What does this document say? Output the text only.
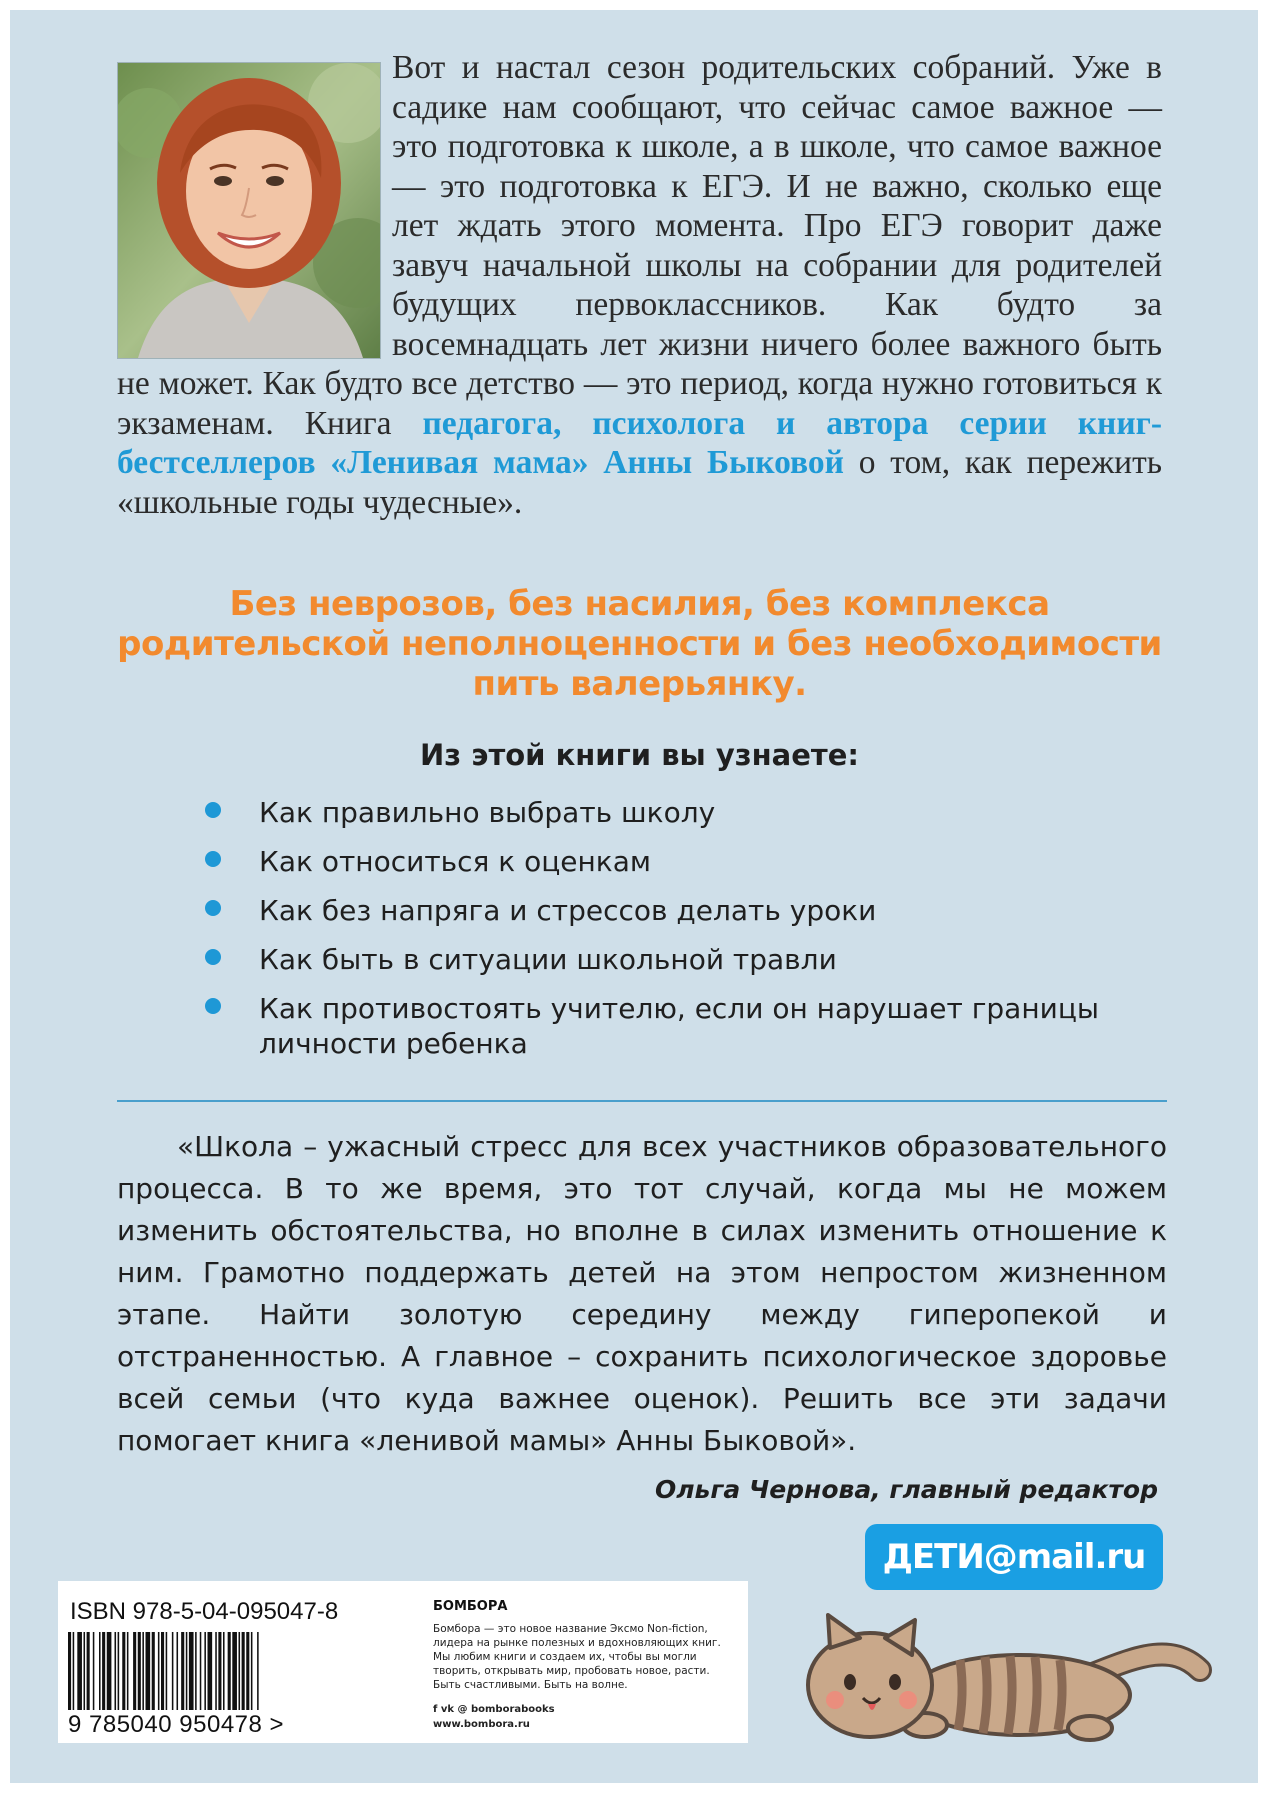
Вот и настал сезон родительских собраний. Уже в садике нам сообщают, что сейчас самое важное — это подготовка к школе, а в школе, что самое важное — это подготовка к ЕГЭ. И не важно, сколько еще лет ждать этого момента. Про ЕГЭ говорит даже завуч начальной школы на собрании для родителей будущих первоклассников. Как будто за восемнадцать лет жизни ничего более важного быть не может. Как будто все детство — это период, когда нужно готовиться к экзаменам. Книга педагога, психолога и автора серии книг-бестселлеров «Ленивая мама» Анны Быковой о том, как пережить «школьные годы чудесные».

Без неврозов, без насилия, без комплекса родительской неполноценности и без необходимости пить валерьянку.

Из этой книги вы узнаете:

Как правильно выбрать школу
Как относиться к оценкам
Как без напряга и стрессов делать уроки
Как быть в ситуации школьной травли
Как противостоять учителю, если он нарушает границы личности ребенка

«Школа – ужасный стресс для всех участников образовательного процесса. В то же время, это тот случай, когда мы не можем изменить обстоятельства, но вполне в силах изменить отношение к ним. Грамотно поддержать детей на этом непростом жизненном этапе. Найти золотую середину между гиперопекой и отстраненностью. А главное – сохранить психологическое здоровье всей семьи (что куда важнее оценок). Решить все эти задачи помогает книга «ленивой мамы» Анны Быковой».

Ольга Чернова, главный редактор

ДЕТИ@mail.ru

ISBN 978-5-04-095047-8

9 785040 950478 >

БОМБОРА

Бомбора — это новое название Эксмо Non-fiction, лидера на рынке полезных и вдохновляющих книг. Мы любим книги и создаем их, чтобы вы могли творить, открывать мир, пробовать новое, расти. Быть счастливыми. Быть на волне.

f vk @ bomborabooks

www.bombora.ru
